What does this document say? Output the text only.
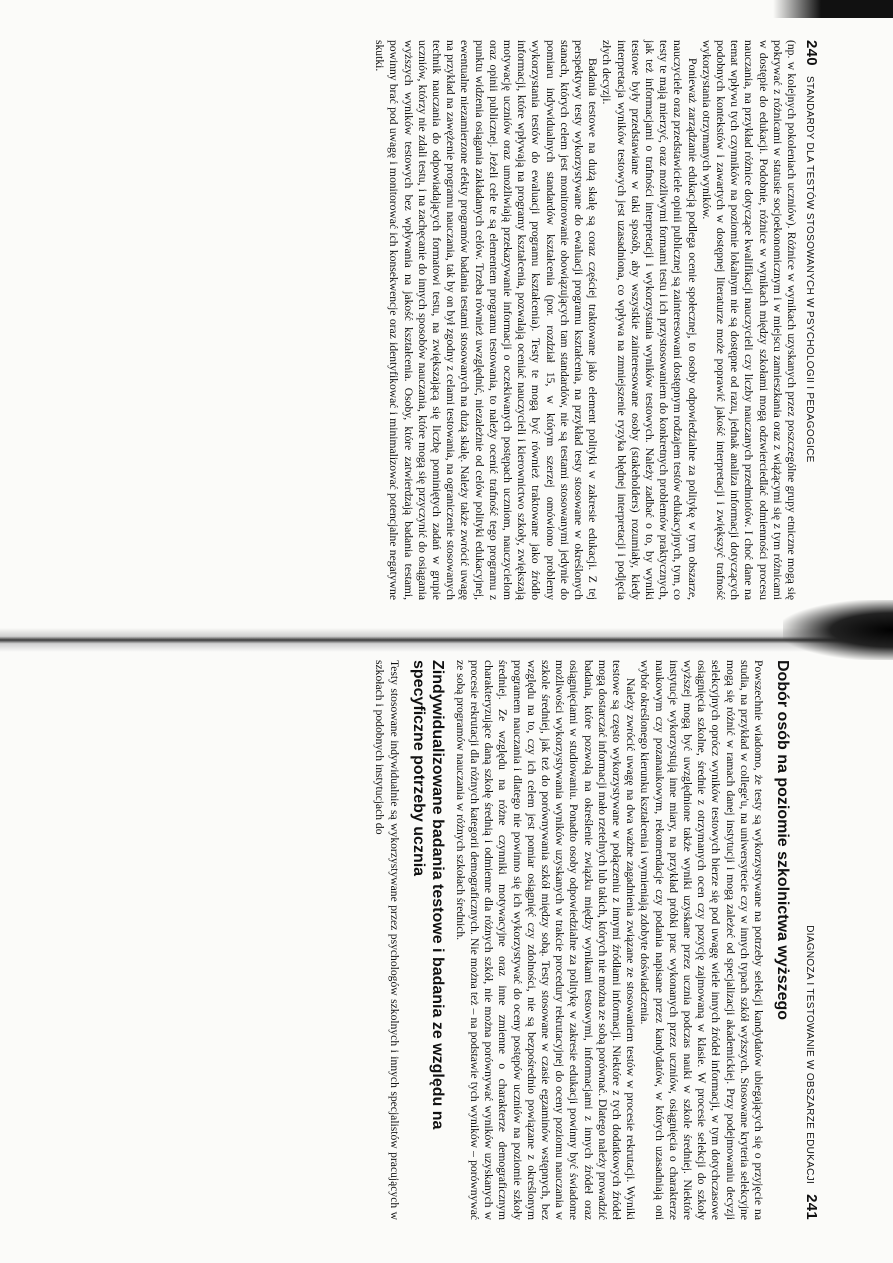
240
STANDARDY DLA TESTÓW STOSOWANYCH W PSYCHOLOGII I PEDAGOGICE

(np. w kolejnych pokoleniach uczniów). Różnice w wynikach uzyskanych przez poszczególne grupy etniczne mogą się pokrywać z różnicami w statusie socjoekonomicznym i w miejscu zamieszkania oraz z wiążącymi się z tym różnicami w dostępie do edukacji. Podobnie, różnice w wynikach między szkołami mogą odzwierciedlać odmienności procesu nauczania, na przykład różnice dotyczące kwalifikacji nauczycieli czy liczby nauczanych przedmiotów. I choć dane na temat wpływu tych czynników na poziomie lokalnym nie są dostępne od razu, jednak analiza informacji dotyczących podobnych kontekstów i zawartych w dostępnej literaturze może poprawić jakość interpretacji i zwiększyć trafność wykorzystania otrzymanych wyników.

Ponieważ zarządzanie edukacją podlega ocenie społecznej, to osoby odpowiedzialne za politykę w tym obszarze, nauczyciele oraz przedstawiciele opinii publicznej są zainteresowani dostępnym rodzajem testów edukacyjnych, tym, co testy te mają mierzyć, oraz możliwymi formami testu i ich przystosowaniem do konkretnych problemów praktycznych, jak też informacjami o trafności interpretacji i wykorzystania wyników testowych. Należy zadbać o to, by wyniki testowe były przedstawiane w taki sposób, aby wszystkie zainteresowane osoby (stakeholders) rozumiały, kiedy interpretacja wyników testowych jest uzasadniona, co wpływa na zmniejszenie ryzyka błędnej interpretacji i podjęcia złych decyzji.

Badania testowe na dużą skalę są coraz częściej traktowane jako element polityki w zakresie edukacji. Z tej perspektywy testy wykorzystywane do ewaluacji programu kształcenia, na przykład testy stosowane w określonych stanach, których celem jest monitorowanie obowiązujących tam standardów, nie są testami stosowanymi jedynie do pomiaru indywidualnych standardów kształcenia (por. rozdział 15, w którym szerzej omówiono problemy wykorzystania testów do ewaluacji programu kształcenia). Testy te mogą być również traktowane jako źródło informacji, które wpływają na programy kształcenia, pozwalają oceniać nauczycieli i kierownictwo szkoły, zwiększają motywację uczniów oraz umożliwiają przekazywanie informacji o oczekiwanych postępach uczniom, nauczycielom oraz opinii publicznej. Jeżeli cele te są elementem programu testowania, to należy ocenić trafność tego programu z punktu widzenia osiągania zakładanych celów. Trzeba również uwzględnić, niezależnie od celów polityki edukacyjnej, ewentualne niezamierzone efekty programów badania testami stosowanych na dużą skalę. Należy także zwrócić uwagę na przykład na zawężenie programu nauczania, tak by on był zgodny z celami testowania, na ograniczenie stosowanych technik nauczania do odpowiadających formatowi testu, na zwiększającą się liczbę pominiętych zadań w grupie uczniów, którzy nie zdali testu, i na zachęcanie do innych sposobów nauczania, które mogą się przyczynić do osiągania wyższych wyników testowych bez wpływania na jakość kształcenia. Osoby, które zatwierdzają badania testami, powinny brać pod uwagę i monitorować ich konsekwencje oraz identyfikować i minimalizować potencjalne negatywne skutki.

DIAGNOZA I TESTOWANIE W OBSZARZE EDUKACJI
241
Dobór osób na poziomie szkolnictwa wyższego

Powszechnie wiadomo, że testy są wykorzystywane na potrzeby selekcji kandydatów ubiegających się o przyjęcie na studia, na przykład w college'u, na uniwersytecie czy w innych typach szkół wyższych. Stosowane kryteria selekcyjne mogą się różnić w ramach danej instytucji i mogą zależeć od specjalizacji akademickiej. Przy podejmowaniu decyzji selekcyjnych oprócz wyników testowych bierze się pod uwagę wiele innych źródeł informacji, w tym dotychczasowe osiągnięcia szkolne, średnie z otrzymanych ocen czy pozycję zajmowaną w klasie. W procesie selekcji do szkoły wyższej mogą być uwzględnione także wyniki uzyskane przez ucznia podczas nauki w szkole średniej. Niektóre instytucje wykorzystują inne miary, na przykład próbki prac wykonanych przez uczniów, osiągnięcia o charakterze naukowym czy pozanaukowym, rekomendacje czy podania napisane przez kandydatów, w których uzasadniają oni wybór określonego kierunku kształcenia i wymieniają zdobyte doświadczenia.

Należy zwrócić uwagę na dwa ważne zagadnienia związane ze stosowaniem testów w procesie rekrutacji. Wyniki testowe są często wykorzystywane w połączeniu z innymi źródłami informacji. Niektóre z tych dodatkowych źródeł mogą dostarczać informacji mało rzetelnych lub takich, których nie można ze sobą porównać. Dlatego należy prowadzić badania, które pozwolą na określenie związku między wynikami testowymi, informacjami z innych źródeł oraz osiągnięciami w studiowaniu. Ponadto osoby odpowiedzialne za politykę w zakresie edukacji powinny być świadome możliwości wykorzystywania wyników uzyskanych w trakcie procedury rekrutacyjnej do oceny poziomu nauczania w szkole średniej, jak też do porównywania szkół między sobą. Testy stosowane w czasie egzaminów wstępnych, bez względu na to, czy ich celem jest pomiar osiągnięć czy zdolności, nie są bezpośrednio powiązane z określonym programem nauczania i dlatego nie powinno się ich wykorzystywać do oceny postępów uczniów na poziomie szkoły średniej. Ze względu na różne czynniki motywacyjne oraz inne zmienne o charakterze demograficznym charakteryzujące daną szkołę średnią i odmienne dla różnych szkół, nie można porównywać wyników uzyskanych w procesie rekrutacji dla różnych kategorii demograficznych. Nie można też – na podstawie tych wyników – porównywać ze sobą programów nauczania w różnych szkołach średnich.

Zindywidualizowane badania testowe i badania ze względu na specyficzne potrzeby ucznia

Testy stosowane indywidualnie są wykorzystywane przez psychologów szkolnych i innych specjalistów pracujących w szkołach i podobnych instytucjach do
